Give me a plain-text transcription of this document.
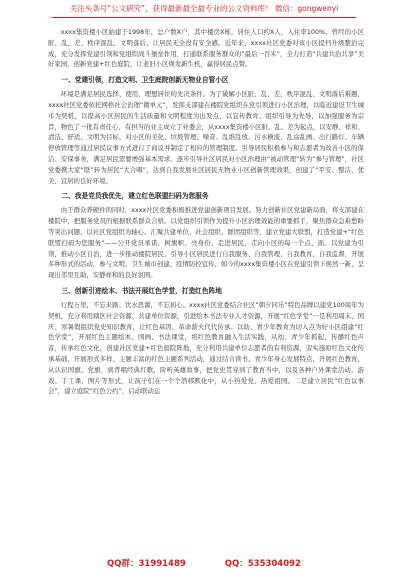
关注头条号“公文研究”，获得最新最全最专业的公文资料库！ 微信：gongwenyi

xxxx集资楼小区始建于1998年，总户数X户，其中楼房X栋，居住人口约X人，入住率100%。曾经的小区脏、乱、差、秩序混乱、文明落后，让居民无全没有安全感。近年来，xxxx社区党委对该小区提档升级整治完成，充分发挥党建引领和党组织战斗堡垒作用，打通联系服务群众的“最后一百米”，全力打造“共建共治共享”美好家园，创新党建+红色庭院，让老旧小区焕发新生机，赢得居民点赞。

一、党建引领，打造文明、卫生庭院创新无物业自管小区

环境是满足居民选择、使用、理想居住的先决条件。为了破解小区脏、乱、差、秩序混乱、文明落后难题，xxxx社区党委依托网格社会治理“微单元”，发挥支部建在楼院党组织在党引领进行小区治理，以临近建设卫生城市为契机，以提高小区居民的生活质量和文明程度为出发点，以宜传教育、组织引导为先导，以加强服务为宗旨，物色了一批有责任心、有担当的业主成立了业委会，从xxxx集资楼小区脏、乱、差为起点，以安静、祥和、清洁、舒适、文明为目标，对小区的美化、垃圾管理、噪音、乱堆乱放、污水横流、乱涂乱画、出行路灯、车辆停放管理等通过居民议事方式进行了商议并制定了相应的管理制度。引导居民积极参与和志愿者为改善小区的保洁、安保事务，满足居民需要增强基本需求。逐步引导社区居民对小区治理由“被动管理”转为“参与管理”，社区党委携大家“联”转为居民“大合唱”，达到自我发展社区居民无物业小区创新管理效果，创建了“平安、整洁、优美、宜居的良好环境。

二、我是党员我优先，建立红色联盟扫码为您服务

由于群众养硬件的同时，xxxx社区党委积极推进党建创新项目发展。努力创新社区党建新局面，将支部建在楼院中，把服务党员的根据联系群众合格。以党组织引领作为提升小区治理效能的重要抓手，聚焦群众急难愁盼等突出问题。以社区党组织为轴心、汇聚共建单位、社会组织、群团组织等，建立党建大联盟，打造党建+“红色联盟扫码为您服务”——公开党员承诺，树旗帜、亮身份，走进居民，走向小区的每一个点、面。以党建为引领，推动小区自治，进一步推动楼院居民，引导小区居民进行自我服务、自我管理、自我教育、自我监督，开展多种形式的活动，参与文明、卫生城市创建、疫情防控宣传、如今的xxxx集资楼小区在党建引领下焕然一新，呈现出邻里互助，安静祥和的良好氛围。

三、创新引进绘本、书法开展红色学堂，打造红色阵地

行程万里，不忘来路；饮水思源，不忘初心。xxxx社区党委结合社区“朝夕同乐”特色品牌以建党100周年为契机，充分利用辖区社会资源、共建单位资源，引进绘本书法专业人才资源，开展“红色学堂”一是利用周末、国庆、寒暑假组织党史知识教育，让红色基因、革命薪火代代传承。以幼、青少年教育为切入点为好小区组建“红色学堂”，开展红色主题绘本、国画、书法课堂，将红色教育融入生活实践，从幼、青少年抓起，传播红色声音，传承红色文化，创建社区党建+红色庭院阵地，充分利用共建单位志愿者的有利资源，旁实施原红色文化传承基础，开展形式多样、主题丰富的红色主题系列活动，通过结合读书、青少年身心发展特点，开展红色教育，从认识国旗、党旗，到背唱经典红歌，阶听英雄故事，把党史贯穿到了教育当中，以及各种户外课堂活动，游戏、手工课、图片等形式，让孩子们在一个个潜移默化中，从小热爱党、热爱祖国。二是建立居民“红色议事会”，建立庭院“红色公约”，启动联动运

QQ群：31991489	QQ：535304092
